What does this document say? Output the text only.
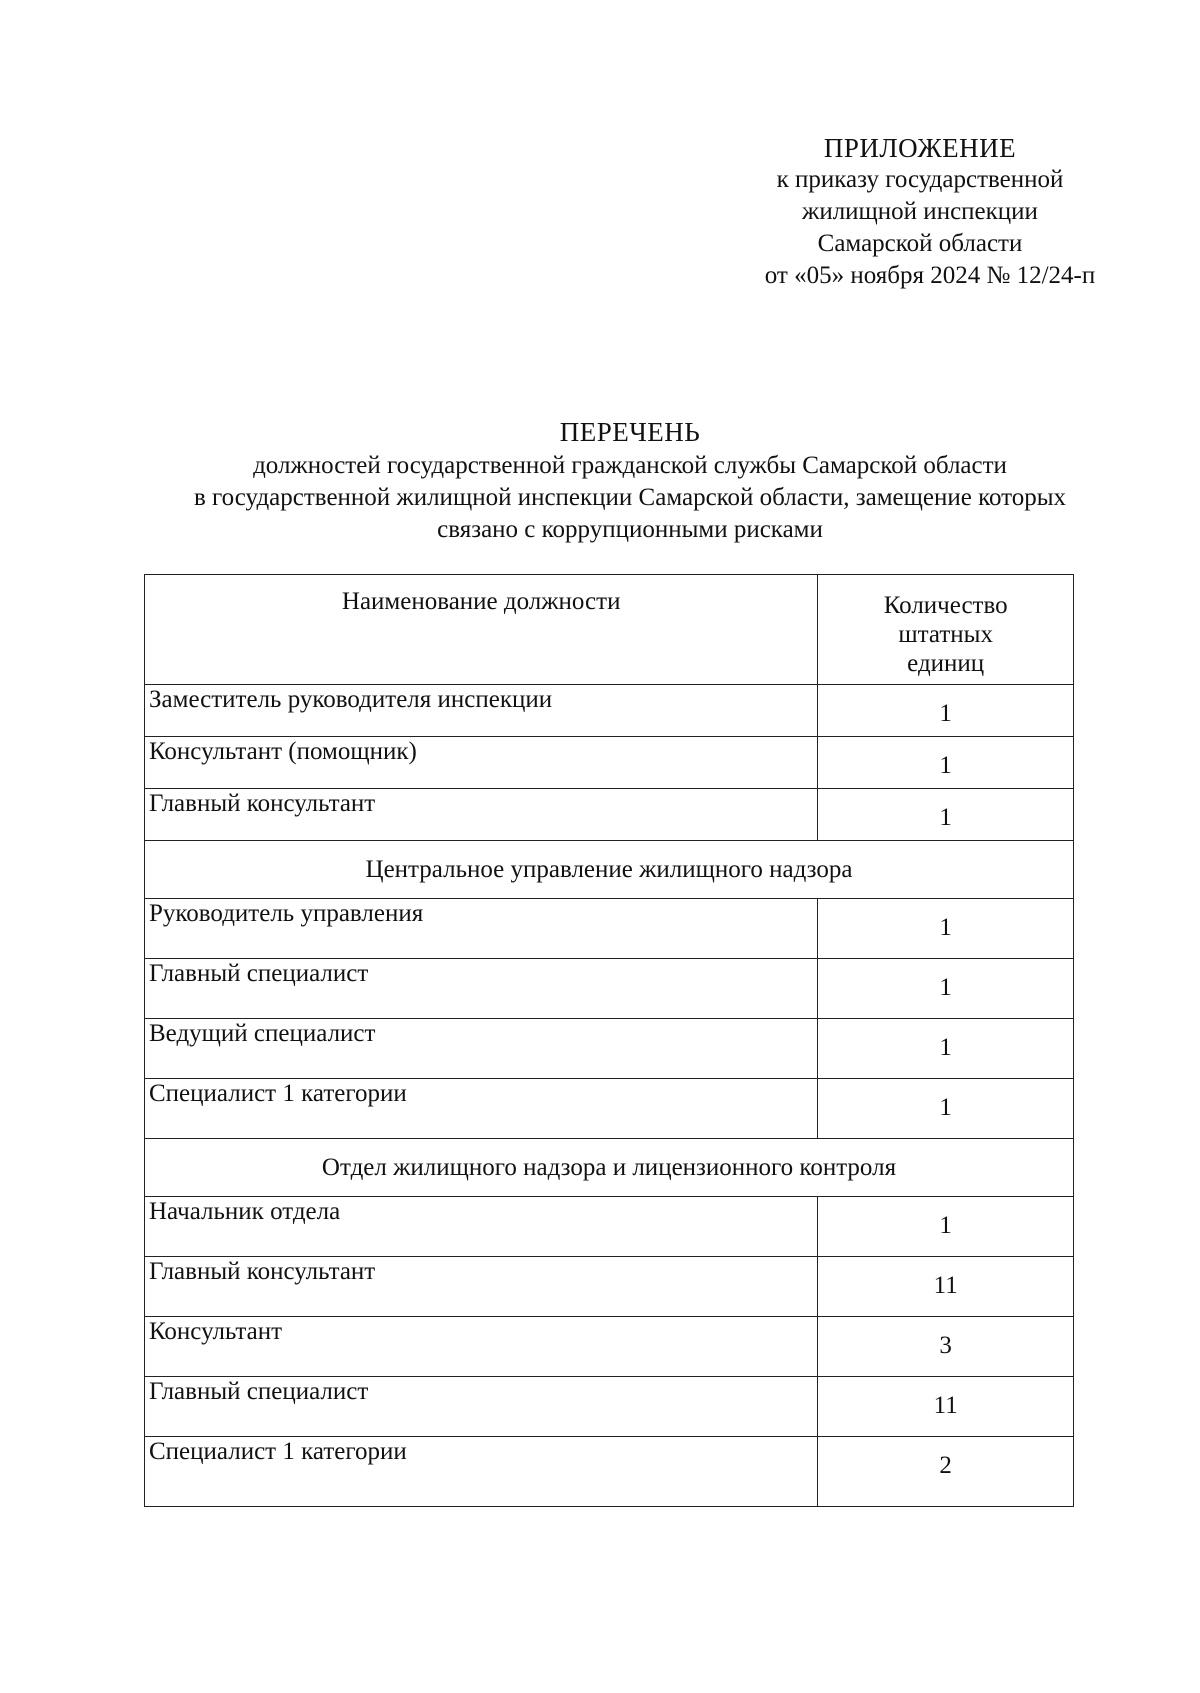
ПРИЛОЖЕНИЕ
к приказу государственной
жилищной инспекции
Самарской области
от «05» ноября 2024 № 12/24-п
ПЕРЕЧЕНЬ
должностей государственной гражданской службы Самарской области
в государственной жилищной инспекции Самарской области, замещение которых
связано с коррупционными рисками
Наименование должности	Количество
штатных
единиц
Заместитель руководителя инспекции	1
Консультант (помощник)	1
Главный консультант	1
Центральное управление жилищного надзора	
Руководитель управления	1
Главный специалист	1
Ведущий специалист	1
Специалист 1 категории	1
Отдел жилищного надзора и лицензионного контроля	
Начальник отдела	1
Главный консультант	11
Консультант	3
Главный специалист	11
Специалист 1 категории	2
